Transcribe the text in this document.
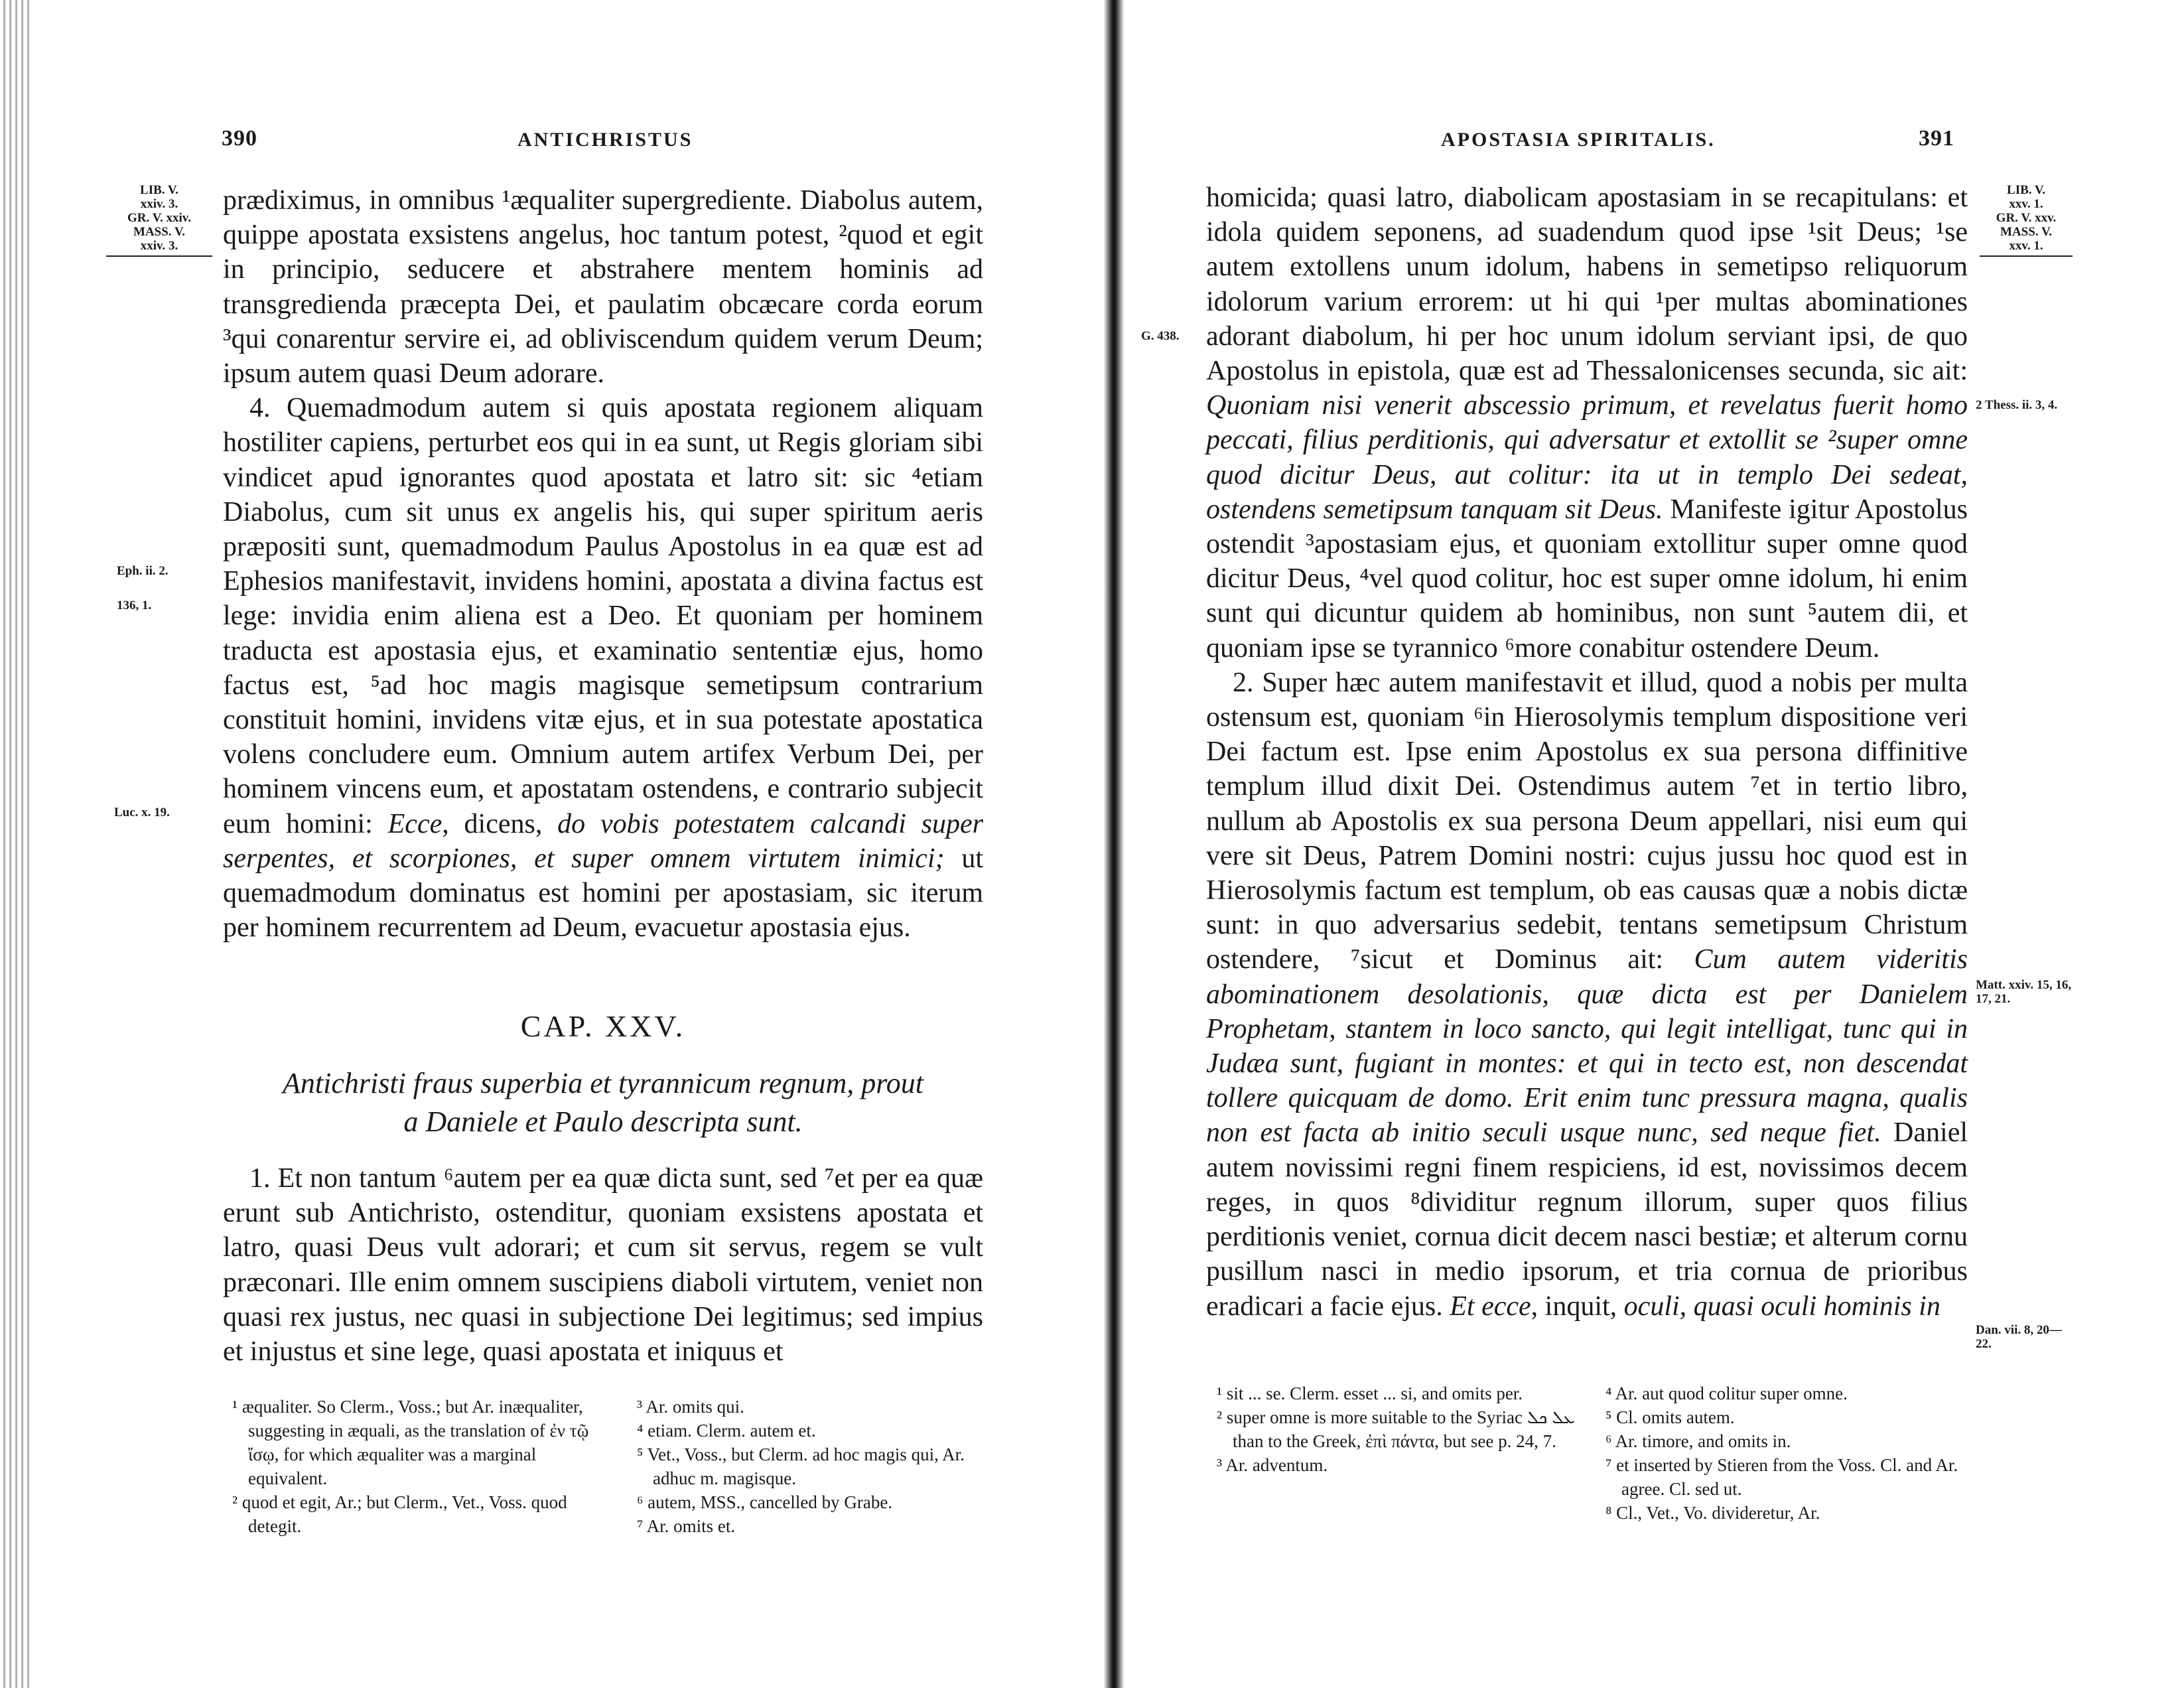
390	ANTICHRISTUS
LIB. V.
xxiv. 3.
GR. V. xxiv.
MASS. V.
xxiv. 3.
Eph. ii. 2.
136, 1.
Luc. x. 19.

prædiximus, in omnibus ¹æqualiter supergrediente. Diabolus autem, quippe apostata exsistens angelus, hoc tantum potest, ²quod et egit in principio, seducere et abstrahere mentem hominis ad transgredienda præcepta Dei, et paulatim obcæcare corda eorum ³qui conarentur servire ei, ad obliviscendum quidem verum Deum; ipsum autem quasi Deum adorare.

4. Quemadmodum autem si quis apostata regionem aliquam hostiliter capiens, perturbet eos qui in ea sunt, ut Regis gloriam sibi vindicet apud ignorantes quod apostata et latro sit: sic ⁴etiam Diabolus, cum sit unus ex angelis his, qui super spiritum aeris præpositi sunt, quemadmodum Paulus Apostolus in ea quæ est ad Ephesios manifestavit, invidens homini, apostata a divina factus est lege: invidia enim aliena est a Deo. Et quoniam per hominem traducta est apostasia ejus, et examinatio sententiæ ejus, homo factus est, ⁵ad hoc magis magisque semetipsum contrarium constituit homini, invidens vitæ ejus, et in sua potestate apostatica volens concludere eum. Omnium autem artifex Verbum Dei, per hominem vincens eum, et apostatam ostendens, e contrario subjecit eum homini: Ecce, dicens, do vobis potestatem calcandi super serpentes, et scorpiones, et super omnem virtutem inimici; ut quemadmodum dominatus est homini per apostasiam, sic iterum per hominem recurrentem ad Deum, evacuetur apostasia ejus.

CAP. XXV.
Antichristi fraus superbia et tyrannicum regnum, prout
a Daniele et Paulo descripta sunt.

1. Et non tantum ⁶autem per ea quæ dicta sunt, sed ⁷et per ea quæ erunt sub Antichristo, ostenditur, quoniam exsistens apostata et latro, quasi Deus vult adorari; et cum sit servus, regem se vult præconari. Ille enim omnem suscipiens diaboli virtutem, veniet non quasi rex justus, nec quasi in subjectione Dei legitimus; sed impius et injustus et sine lege, quasi apostata et iniquus et

¹ æqualiter. So Clerm., Voss.; but Ar. inæqualiter, suggesting in æquali, as the translation of ἐν τῷ ἴσῳ, for which æqualiter was a marginal equivalent.

² quod et egit, Ar.; but Clerm., Vet., Voss. quod detegit.

³ Ar. omits qui.

⁴ etiam. Clerm. autem et.

⁵ Vet., Voss., but Clerm. ad hoc magis qui, Ar. adhuc m. magisque.

⁶ autem, MSS., cancelled by Grabe.

⁷ Ar. omits et.

APOSTASIA SPIRITALIS.	391
LIB. V.
xxv. 1.
GR. V. xxv.
MASS. V.
xxv. 1.
G. 438.
2 Thess. ii. 3, 4.
Matt. xxiv. 15, 16, 17, 21.
Dan. vii. 8, 20—22.

homicida; quasi latro, diabolicam apostasiam in se recapitulans: et idola quidem seponens, ad suadendum quod ipse ¹sit Deus; ¹se autem extollens unum idolum, habens in semetipso reliquorum idolorum varium errorem: ut hi qui ¹per multas abominationes adorant diabolum, hi per hoc unum idolum serviant ipsi, de quo Apostolus in epistola, quæ est ad Thessalonicenses secunda, sic ait: Quoniam nisi venerit abscessio primum, et revelatus fuerit homo peccati, filius perditionis, qui adversatur et extollit se ²super omne quod dicitur Deus, aut colitur: ita ut in templo Dei sedeat, ostendens semetipsum tanquam sit Deus. Manifeste igitur Apostolus ostendit ³apostasiam ejus, et quoniam extollitur super omne quod dicitur Deus, ⁴vel quod colitur, hoc est super omne idolum, hi enim sunt qui dicuntur quidem ab hominibus, non sunt ⁵autem dii, et quoniam ipse se tyrannico ⁶more conabitur ostendere Deum.

2. Super hæc autem manifestavit et illud, quod a nobis per multa ostensum est, quoniam ⁶in Hierosolymis templum dispositione veri Dei factum est. Ipse enim Apostolus ex sua persona diffinitive templum illud dixit Dei. Ostendimus autem ⁷et in tertio libro, nullum ab Apostolis ex sua persona Deum appellari, nisi eum qui vere sit Deus, Patrem Domini nostri: cujus jussu hoc quod est in Hierosolymis factum est templum, ob eas causas quæ a nobis dictæ sunt: in quo adversarius sedebit, tentans semetipsum Christum ostendere, ⁷sicut et Dominus ait: Cum autem videritis abominationem desolationis, quæ dicta est per Danielem Prophetam, stantem in loco sancto, qui legit intelligat, tunc qui in Judæa sunt, fugiant in montes: et qui in tecto est, non descendat tollere quicquam de domo. Erit enim tunc pressura magna, qualis non est facta ab initio seculi usque nunc, sed neque fiet. Daniel autem novissimi regni finem respiciens, id est, novissimos decem reges, in quos ⁸dividitur regnum illorum, super quos filius perditionis veniet, cornua dicit decem nasci bestiæ; et alterum cornu pusillum nasci in medio ipsorum, et tria cornua de prioribus eradicari a facie ejus. Et ecce, inquit, oculi, quasi oculi hominis in

¹ sit ... se. Clerm. esset ... si, and omits per.

² super omne is more suitable to the Syriac ܥܠ ܟܠ than to the Greek, ἐπὶ πάντα, but see p. 24, 7.

³ Ar. adventum.

⁴ Ar. aut quod colitur super omne.

⁵ Cl. omits autem.

⁶ Ar. timore, and omits in.

⁷ et inserted by Stieren from the Voss. Cl. and Ar. agree. Cl. sed ut.

⁸ Cl., Vet., Vo. divideretur, Ar.
